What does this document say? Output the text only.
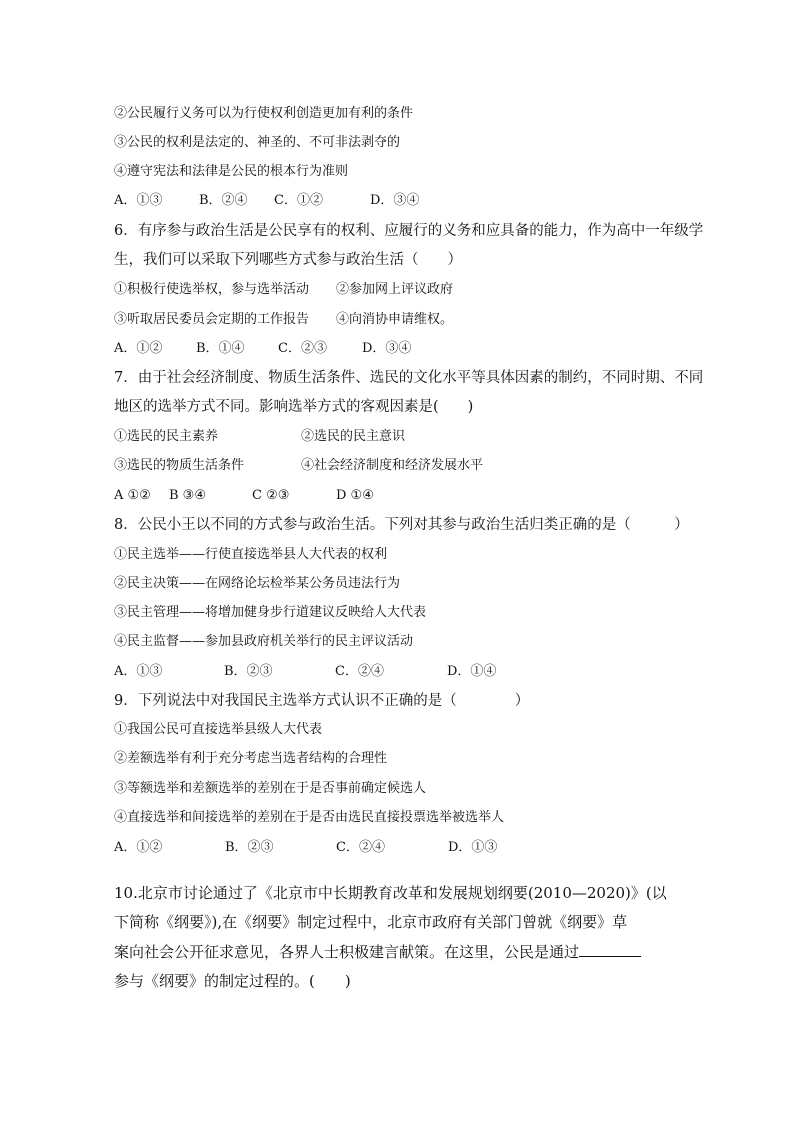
②公民履行义务可以为行使权利创造更加有利的条件
③公民的权利是法定的、神圣的、不可非法剥夺的
④遵守宪法和法律是公民的根本行为准则
A．①③	B．②④ C．①②	D．③④
6．有序参与政治生活是公民享有的权利、应履行的义务和应具备的能力，作为高中一年级学
生，我们可以采取下列哪些方式参与政治生活（　　）
①积极行使选举权，参与选举活动 ②参加网上评议政府
③听取居民委员会定期的工作报告 ④向消协申请维权。
A．①②	B．①④	C．②③	D．③④
7．由于社会经济制度、物质生活条件、选民的文化水平等具体因素的制约，不同时期、不同
地区的选举方式不同。影响选举方式的客观因素是(　　)
①选民的民主素养	②选民的民主意识
③选民的物质生活条件	④社会经济制度和经济发展水平
A ①② B ③④	C ②③	D ①④
8．公民小王以不同的方式参与政治生活。下列对其参与政治生活归类正确的是（　　　）
①民主选举——行使直接选举县人大代表的权利
②民主决策——在网络论坛检举某公务员违法行为
③民主管理——将增加健身步行道建议反映给人大代表
④民主监督——参加县政府机关举行的民主评议活动
A．①③	B．②③	C．②④	D．①④
9．下列说法中对我国民主选举方式认识不正确的是（　　　　）
①我国公民可直接选举县级人大代表
②差额选举有利于充分考虑当选者结构的合理性
③等额选举和差额选举的差别在于是否事前确定候选人
④直接选举和间接选举的差别在于是否由选民直接投票选举被选举人
A．①②	B．②③	C．②④	D．①③
10.北京市讨论通过了《北京市中长期教育改革和发展规划纲要(2010—2020)》(以
下简称《纲要》),在《纲要》制定过程中，北京市政府有关部门曾就《纲要》草
案向社会公开征求意见，各界人士积极建言献策。在这里，公民是通过
参与《纲要》的制定过程的。(　　)
